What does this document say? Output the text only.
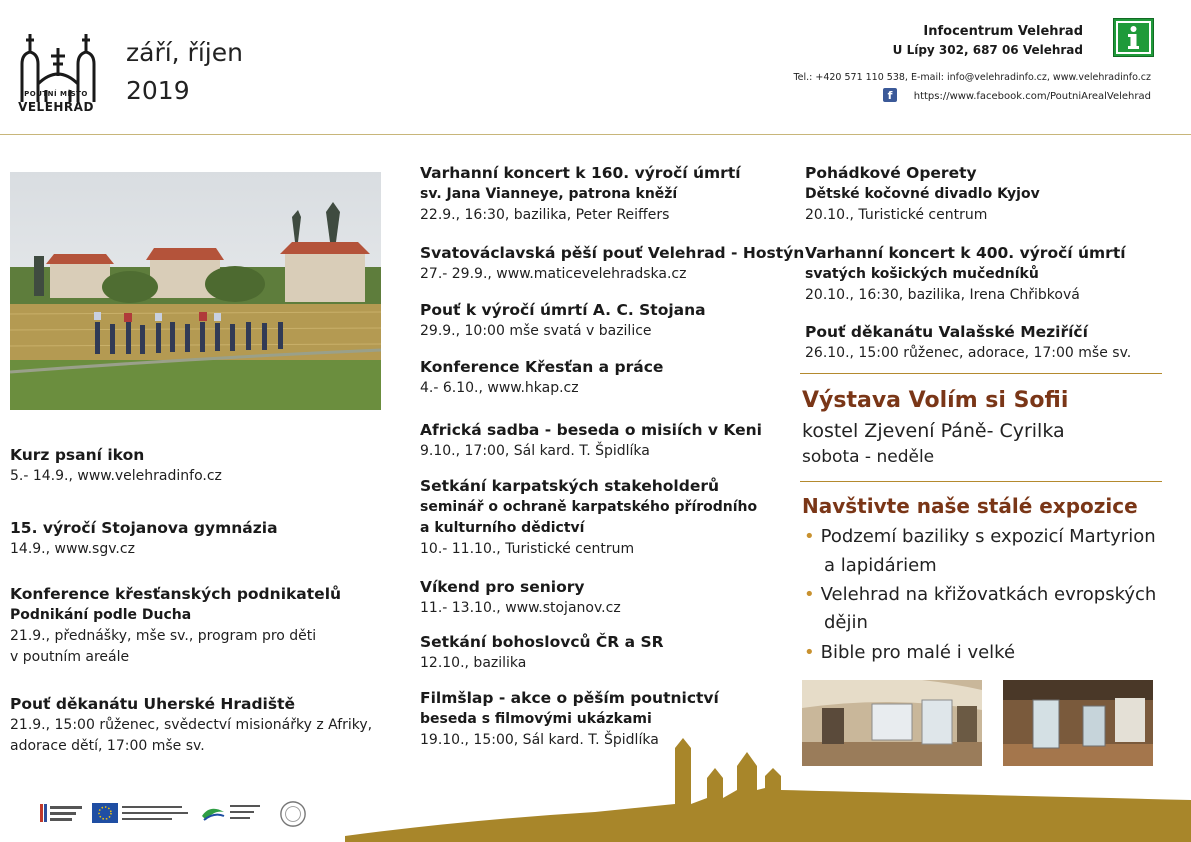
POUTNÍ MÍSTO
VELEHRAD
září, říjen
2019
Infocentrum Velehrad
U Lípy 302, 687 06 Velehrad
Tel.: +420 571 110 538, E-mail: info@velehradinfo.cz, www.velehradinfo.cz
f	https://www.facebook.com/PoutniArealVelehrad
Kurz psaní ikon
5.- 14.9., www.velehradinfo.cz
15. výročí Stojanova gymnázia
14.9., www.sgv.cz
Konference křesťanských podnikatelů
Podnikání podle Ducha
21.9., přednášky, mše sv., program pro děti
v poutním areále
Pouť děkanátu Uherské Hradiště
21.9., 15:00 růženec, svědectví misionářky z Afriky,
adorace dětí, 17:00 mše sv.
Varhanní koncert k 160. výročí úmrtí
sv. Jana Vianneye, patrona kněží
22.9., 16:30, bazilika, Peter Reiffers
Svatováclavská pěší pouť Velehrad - Hostýn
27.- 29.9., www.maticevelehradska.cz
Pouť k výročí úmrtí A. C. Stojana
29.9., 10:00 mše svatá v bazilice
Konference Křesťan a práce
4.- 6.10., www.hkap.cz
Africká sadba - beseda o misiích v Keni
9.10., 17:00, Sál kard. T. Špidlíka
Setkání karpatských stakeholderů
seminář o ochraně karpatského přírodního
a kulturního dědictví
10.- 11.10., Turistické centrum
Víkend pro seniory
11.- 13.10., www.stojanov.cz
Setkání bohoslovců ČR a SR
12.10., bazilika
Filmšlap - akce o pěším poutnictví
beseda s filmovými ukázkami
19.10., 15:00, Sál kard. T. Špidlíka
Pohádkové Operety
Dětské kočovné divadlo Kyjov
20.10., Turistické centrum
Varhanní koncert k 400. výročí úmrtí
svatých košických mučedníků
20.10., 16:30, bazilika, Irena Chřibková
Pouť děkanátu Valašské Meziříčí
26.10., 15:00 růženec, adorace, 17:00 mše sv.
Výstava Volím si Sofii
kostel Zjevení Páně- Cyrilka
sobota - neděle
Navštivte naše stálé expozice
• Podzemí baziliky s expozicí Martyrion
a lapidáriem
• Velehrad na křižovatkách evropských
dějin
• Bible pro malé i velké
